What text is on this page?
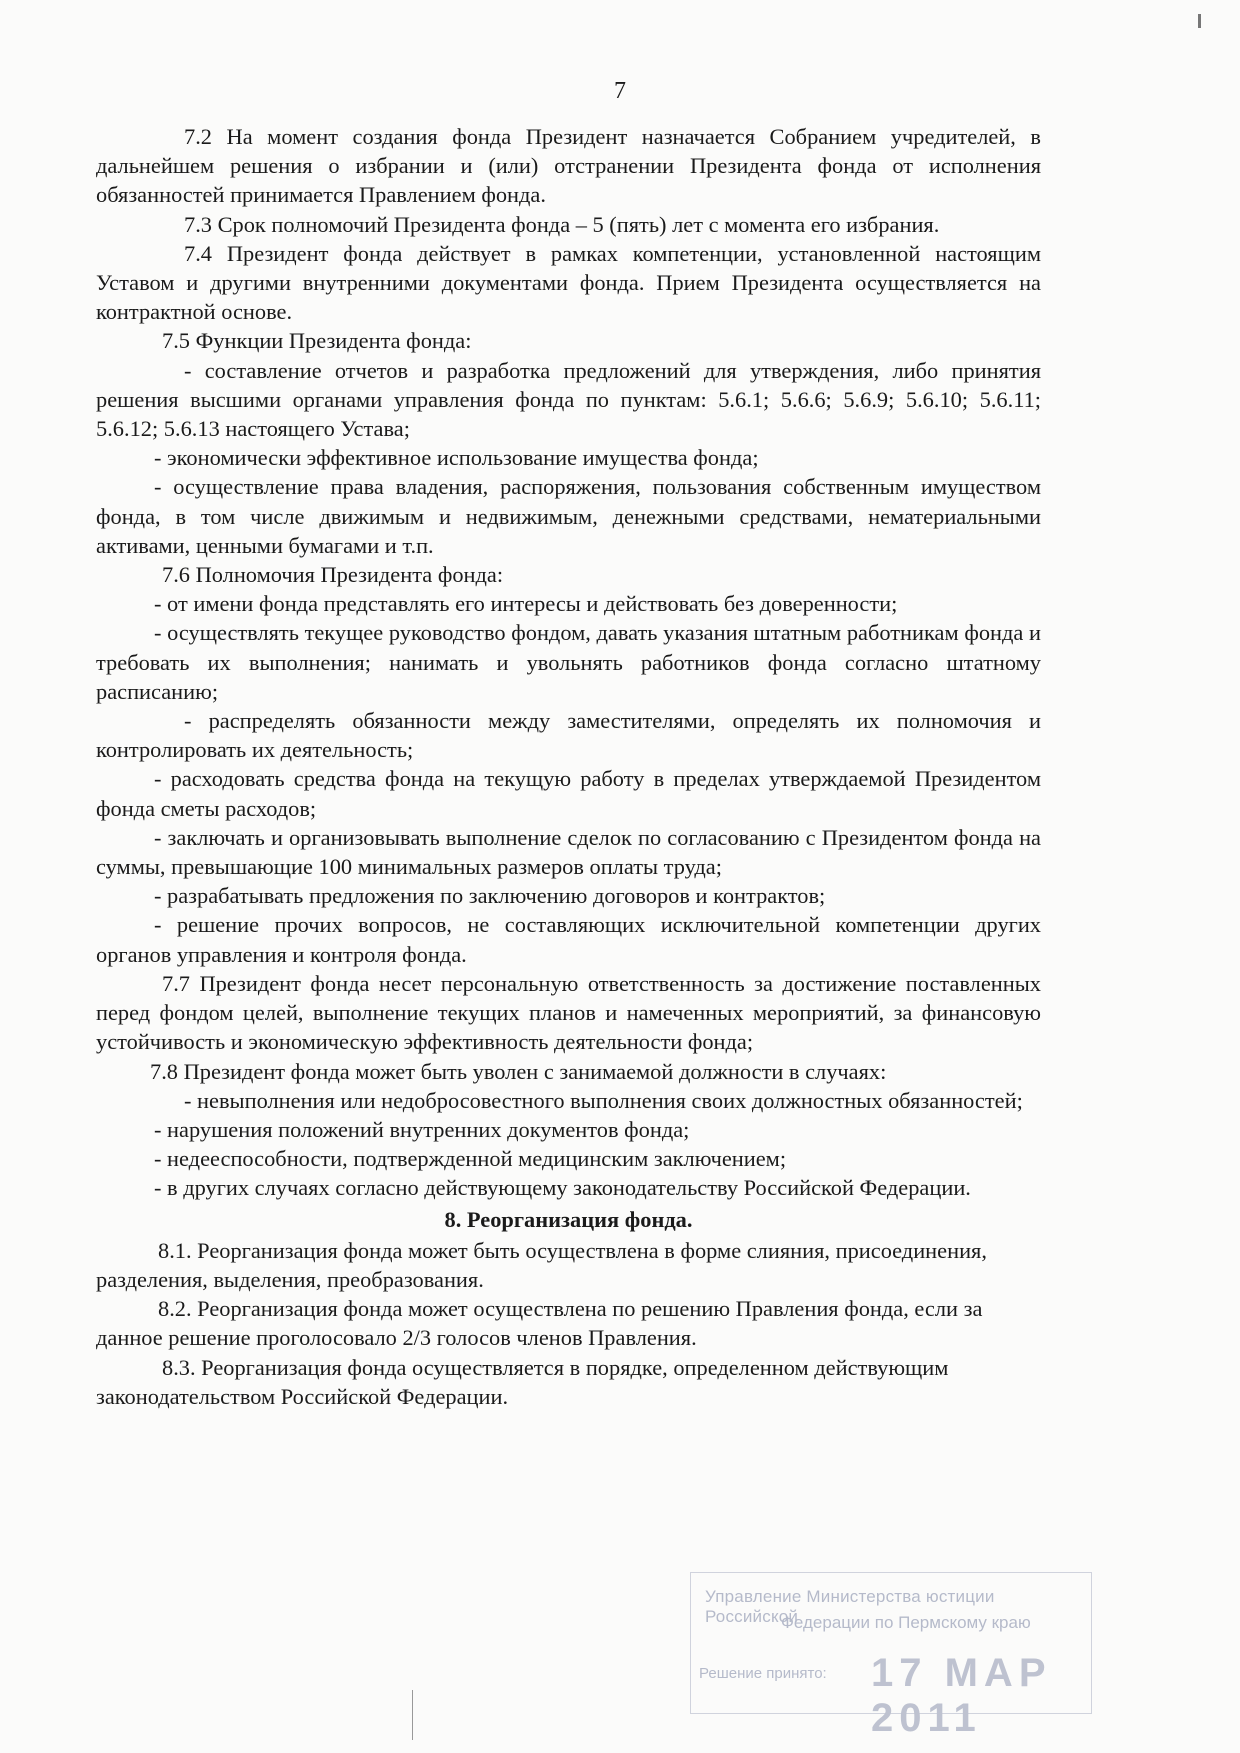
7

7.2 На момент создания фонда Президент назначается Собранием учредителей, в дальнейшем решения о избрании и (или) отстранении Президента фонда от исполнения обязанностей принимается Правлением фонда.

7.3 Срок полномочий Президента фонда – 5 (пять) лет с момента его избрания.

7.4 Президент фонда действует в рамках компетенции, установленной настоящим Уставом и другими внутренними документами фонда. Прием Президента осуществляется на контрактной основе.

7.5 Функции Президента фонда:

- составление отчетов и разработка предложений для утверждения, либо принятия решения высшими органами управления фонда по пунктам: 5.6.1; 5.6.6; 5.6.9; 5.6.10; 5.6.11; 5.6.12; 5.6.13 настоящего Устава;

- экономически эффективное использование имущества фонда;

- осуществление права владения, распоряжения, пользования собственным имуществом фонда, в том числе движимым и недвижимым, денежными средствами, нематериальными активами, ценными бумагами и т.п.

7.6 Полномочия Президента фонда:

- от имени фонда представлять его интересы и действовать без доверенности;

- осуществлять текущее руководство фондом, давать указания штатным работникам фонда и требовать их выполнения; нанимать и увольнять работников фонда согласно штатному расписанию;

- распределять обязанности между заместителями, определять их полномочия и контролировать их деятельность;

- расходовать средства фонда на текущую работу в пределах утверждаемой Президентом фонда сметы расходов;

- заключать и организовывать выполнение сделок по согласованию с Президентом фонда на суммы, превышающие 100 минимальных размеров оплаты труда;

- разрабатывать предложения по заключению договоров и контрактов;

- решение прочих вопросов, не составляющих исключительной компетенции других органов управления и контроля фонда.

7.7 Президент фонда несет персональную ответственность за достижение поставленных перед фондом целей, выполнение текущих планов и намеченных мероприятий, за финансовую устойчивость и экономическую эффективность деятельности фонда;

7.8 Президент фонда может быть уволен с занимаемой должности в случаях:

- невыполнения или недобросовестного выполнения своих должностных обязанностей;

- нарушения положений внутренних документов фонда;

- недееспособности, подтвержденной медицинским заключением;

- в других случаях согласно действующему законодательству Российской Федерации.

8. Реорганизация фонда.

8.1. Реорганизация фонда может быть осуществлена в форме слияния, присоединения, разделения, выделения, преобразования.

8.2. Реорганизация фонда может осуществлена по решению Правления фонда, если за данное решение проголосовало 2/3 голосов членов Правления.

8.3. Реорганизация фонда осуществляется в порядке, определенном действующим законодательством Российской Федерации.

Управление Министерства юстиции Российской
Федерации по Пермскому краю
Решение принято: 17 МАР 2011
